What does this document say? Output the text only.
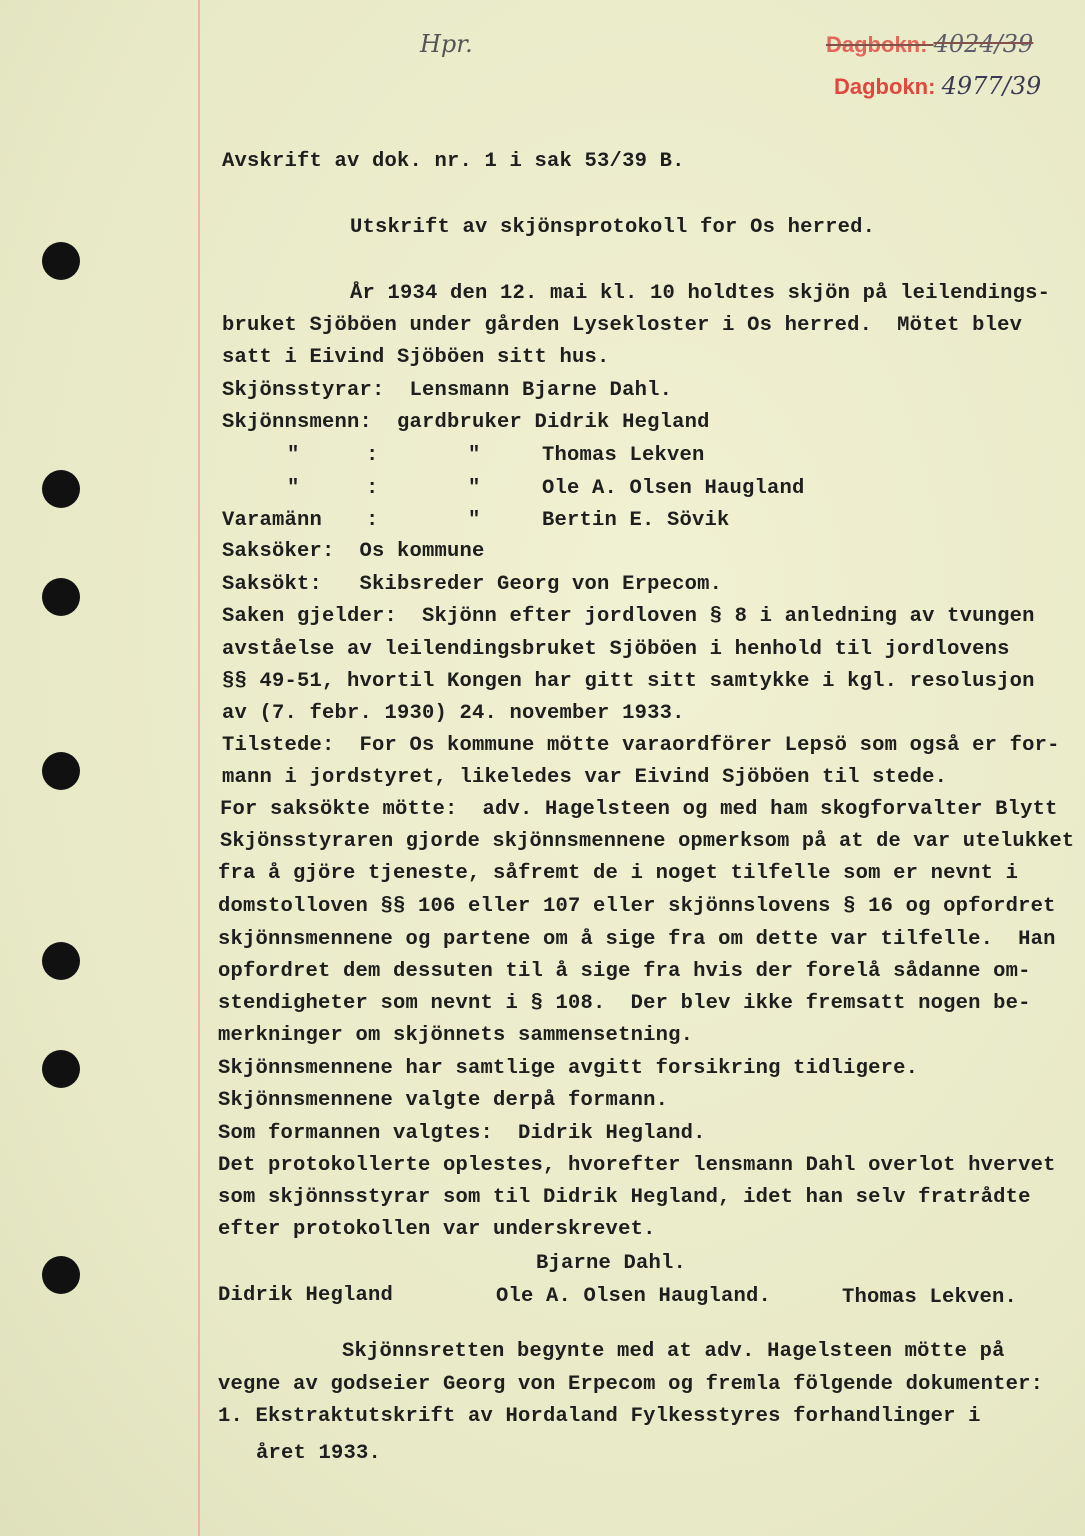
Hpr.	Dagbokn: 4024/39
Dagbokn: 4977/39
Avskrift av dok. nr. 1 i sak 53/39 B.
Utskrift av skjönsprotokoll for Os herred.
År 1934 den 12. mai kl. 10 holdtes skjön på leilendings-
bruket Sjöböen under gården Lysekloster i Os herred.  Mötet blev
satt i Eivind Sjöböen sitt hus.
Skjönsstyrar:  Lensmann Bjarne Dahl.
Skjönnsmenn:  gardbruker Didrik Hegland
"	:	"	Thomas Lekven
"	:	"	Ole A. Olsen Haugland
Varamänn :	"	Bertin E. Sövik
Saksöker:  Os kommune
Saksökt:   Skibsreder Georg von Erpecom.
Saken gjelder:  Skjönn efter jordloven § 8 i anledning av tvungen
avståelse av leilendingsbruket Sjöböen i henhold til jordlovens
§§ 49-51, hvortil Kongen har gitt sitt samtykke i kgl. resolusjon
av (7. febr. 1930) 24. november 1933.
Tilstede:  For Os kommune mötte varaordförer Lepsö som også er for-
mann i jordstyret, likeledes var Eivind Sjöböen til stede.
For saksökte mötte:  adv. Hagelsteen og med ham skogforvalter Blytt
Skjönsstyraren gjorde skjönnsmennene opmerksom på at de var utelukket
fra å gjöre tjeneste, såfremt de i noget tilfelle som er nevnt i
domstolloven §§ 106 eller 107 eller skjönnslovens § 16 og opfordret
skjönnsmennene og partene om å sige fra om dette var tilfelle.  Han
opfordret dem dessuten til å sige fra hvis der forelå sådanne om-
stendigheter som nevnt i § 108.  Der blev ikke fremsatt nogen be-
merkninger om skjönnets sammensetning.
Skjönnsmennene har samtlige avgitt forsikring tidligere.
Skjönnsmennene valgte derpå formann.
Som formannen valgtes:  Didrik Hegland.
Det protokollerte oplestes, hvorefter lensmann Dahl overlot hvervet
som skjönnsstyrar som til Didrik Hegland, idet han selv fratrådte
efter protokollen var underskrevet.
Bjarne Dahl.
Didrik Hegland	Ole A. Olsen Haugland.	Thomas Lekven.
Skjönnsretten begynte med at adv. Hagelsteen mötte på
vegne av godseier Georg von Erpecom og fremla fölgende dokumenter:
1. Ekstraktutskrift av Hordaland Fylkesstyres forhandlinger i
året 1933.
